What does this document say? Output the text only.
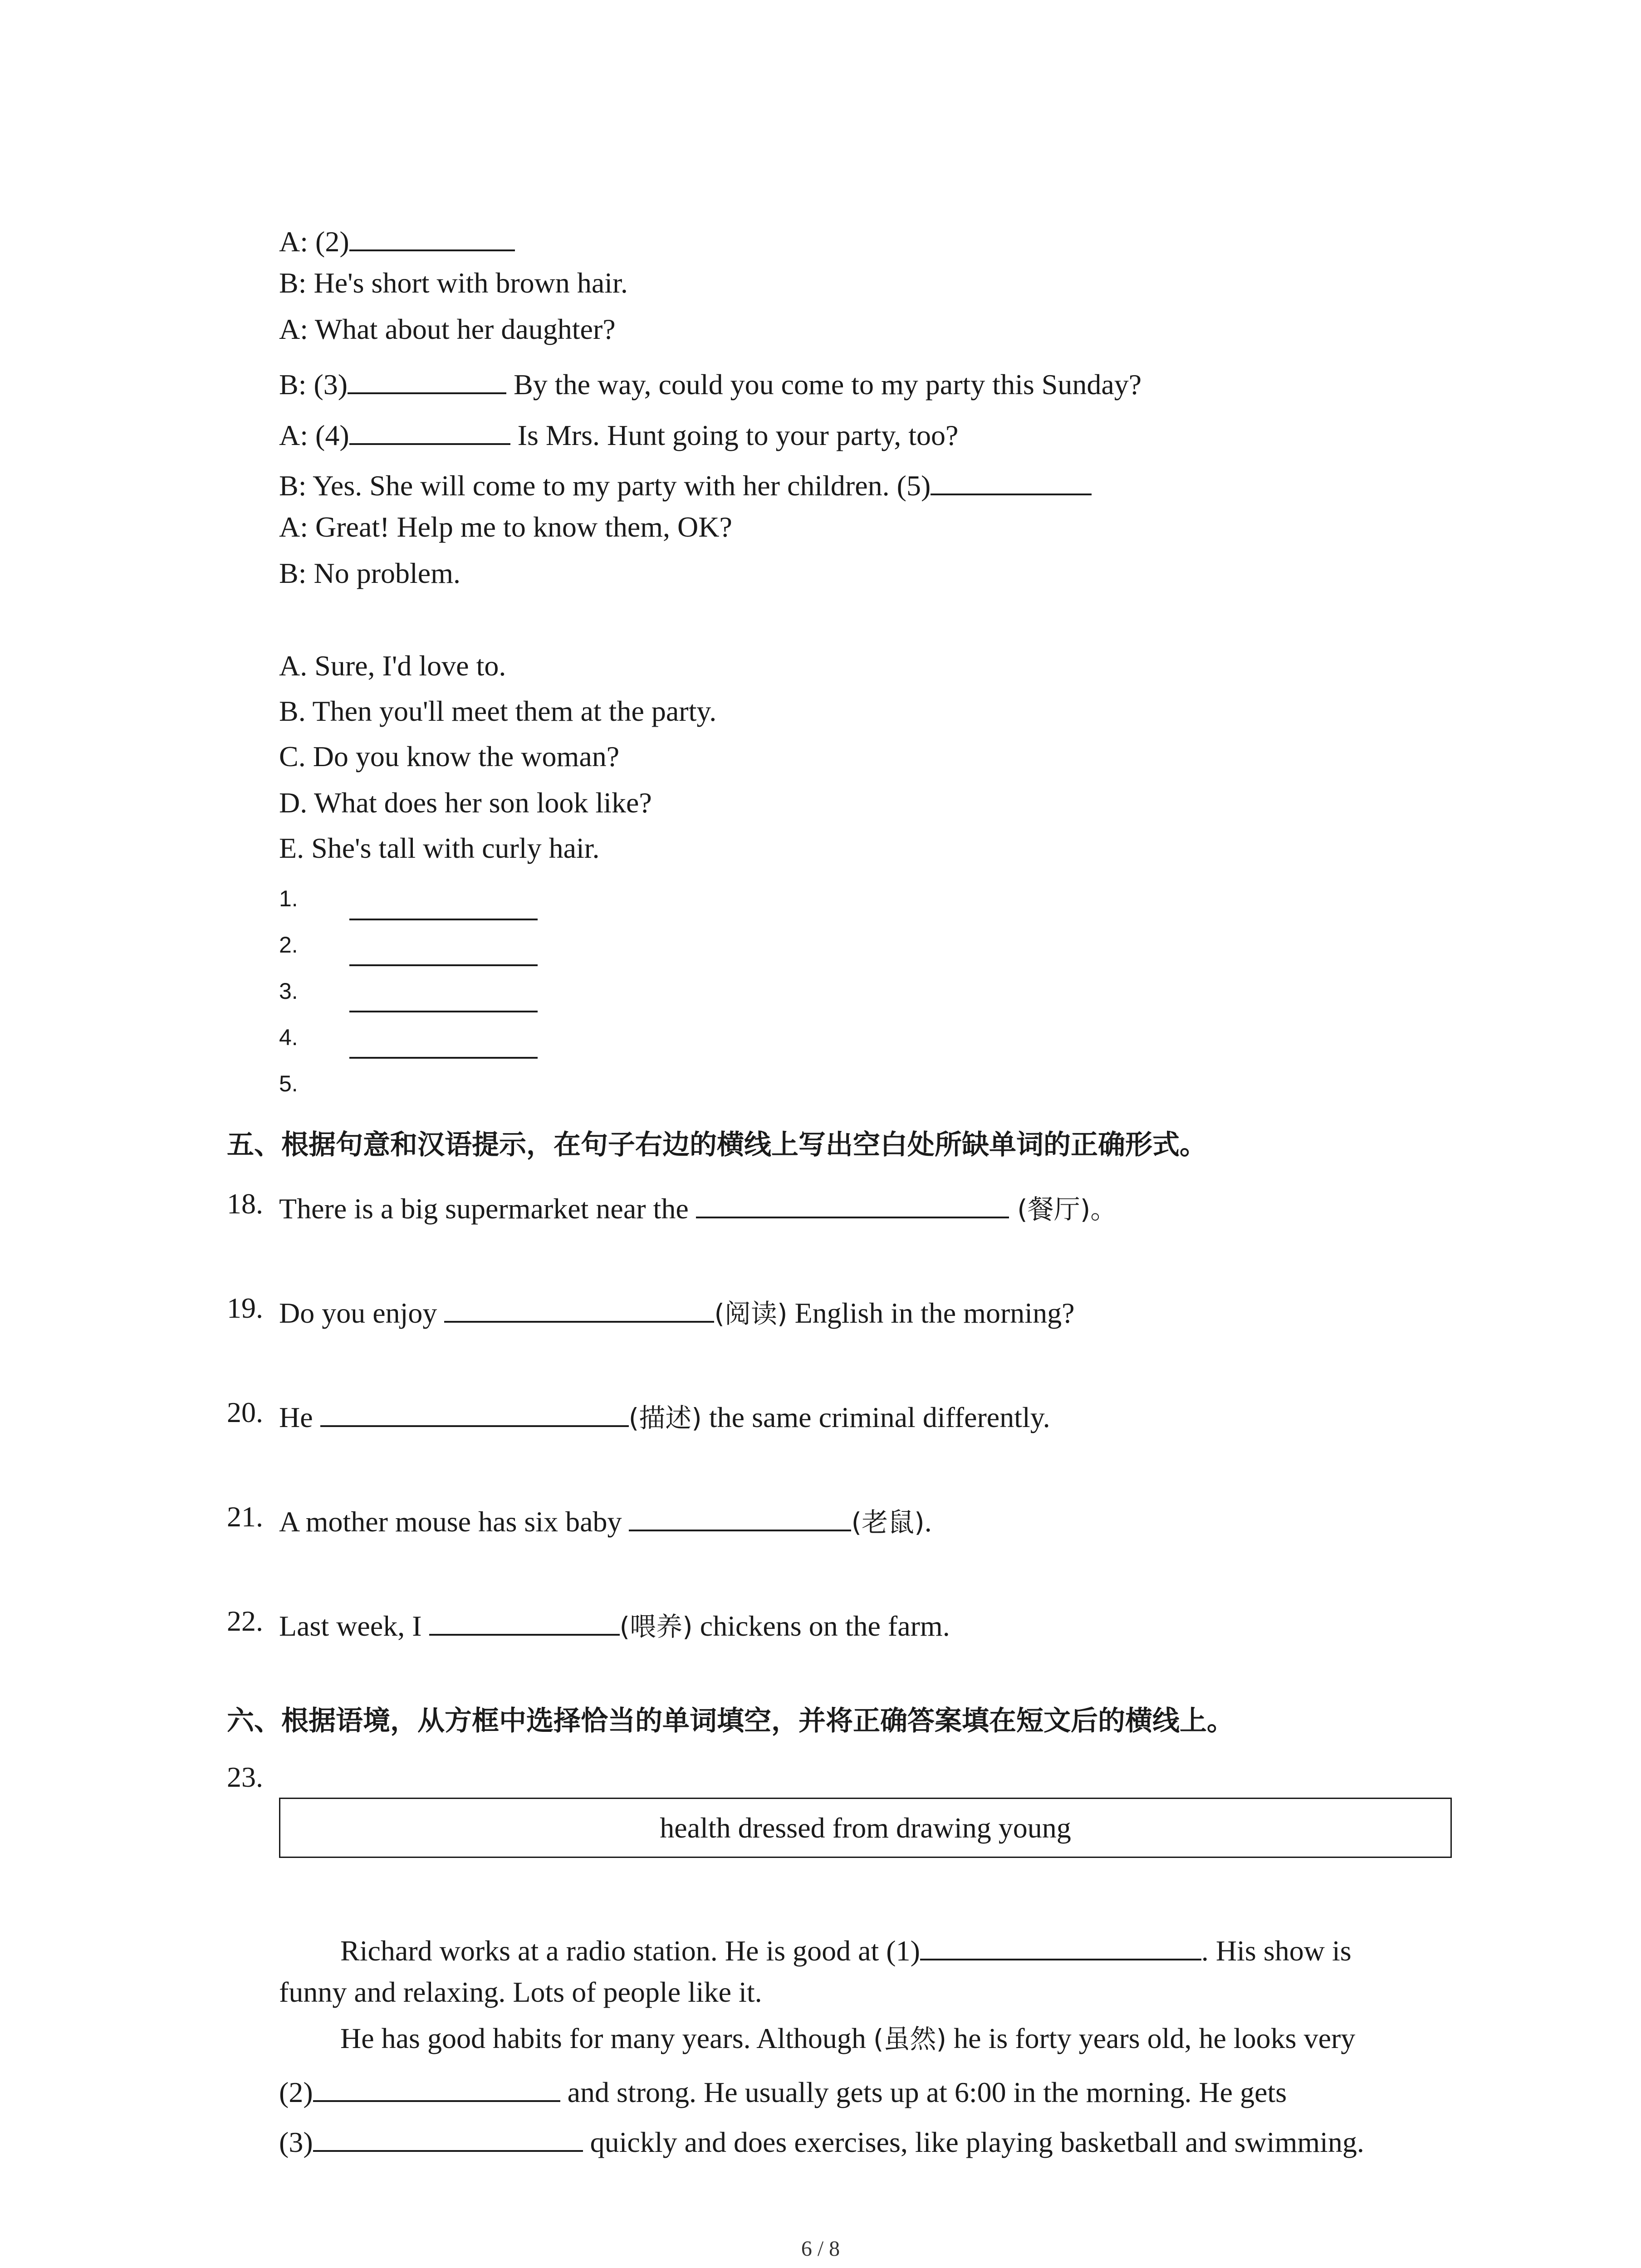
A: (2)
B: He's short with brown hair.
A: What about her daughter?
B: (3)	By the way, could you come to my party this Sunday?
A: (4)	Is Mrs. Hunt going to your party, too?
B: Yes. She will come to my party with her children. (5)
A: Great! Help me to know them, OK?
B: No problem.
A. Sure, I'd love to.
B. Then you'll meet them at the party.
C. Do you know the woman?
D. What does her son look like?
E. She's tall with curly hair.
1.
2.
3.
4.
5.
五、根据句意和汉语提示，在句子右边的横线上写出空白处所缺单词的正确形式。
18. There is a big supermarket near the	(餐厅)。
19. Do you enjoy	(阅读) English in the morning?
20. He	(描述) the same criminal differently.
21. A mother mouse has six baby	(老鼠).
22. Last week, I	(喂养) chickens on the farm.
六、根据语境，从方框中选择恰当的单词填空，并将正确答案填在短文后的横线上。
23.
health dressed from drawing young
Richard works at a radio station. He is good at (1)	. His show is
funny and relaxing. Lots of people like it.
He has good habits for many years. Although (虽然) he is forty years old, he looks very
(2)	and strong. He usually gets up at 6:00 in the morning. He gets
(3)	quickly and does exercises, like playing basketball and swimming.
6 / 8
